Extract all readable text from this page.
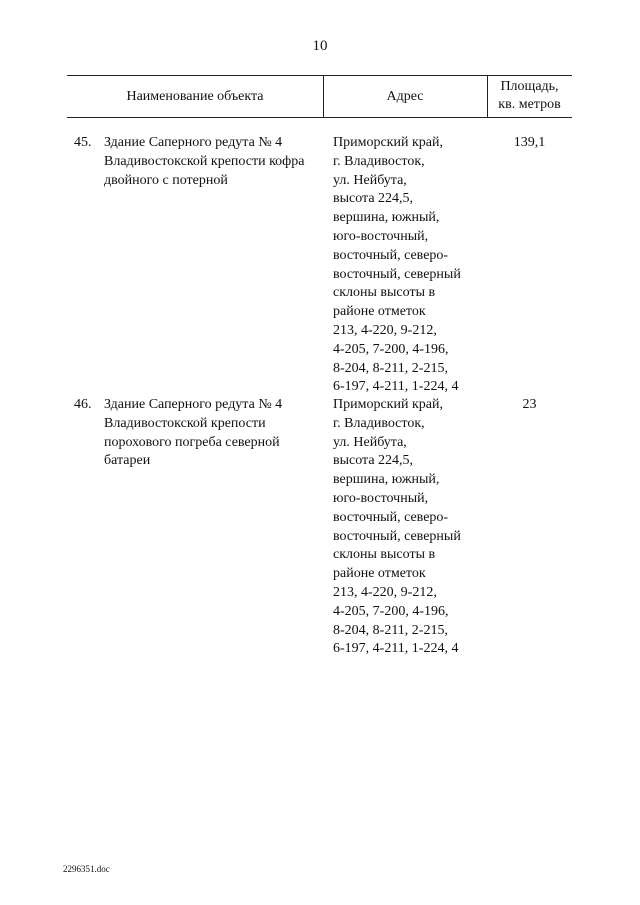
10
Наименование объекта	Адрес
Площадь,
кв. метров
45. Здание Саперного редута № 4
Владивостокской крепости кофра
двойного с потерной
Приморский край,
г. Владивосток,
ул. Нейбута,
высота 224,5,
вершина, южный,
юго-восточный,
восточный, северо-
восточный, северный
склоны высоты в
районе отметок
213, 4-220, 9-212,
4-205, 7-200, 4-196,
8-204, 8-211, 2-215,
6-197, 4-211, 1-224, 4
139,1
46. Здание Саперного редута № 4
Владивостокской крепости
порохового погреба северной
батареи
Приморский край,
г. Владивосток,
ул. Нейбута,
высота 224,5,
вершина, южный,
юго-восточный,
восточный, северо-
восточный, северный
склоны высоты в
районе отметок
213, 4-220, 9-212,
4-205, 7-200, 4-196,
8-204, 8-211, 2-215,
6-197, 4-211, 1-224, 4
23
2296351.doc
